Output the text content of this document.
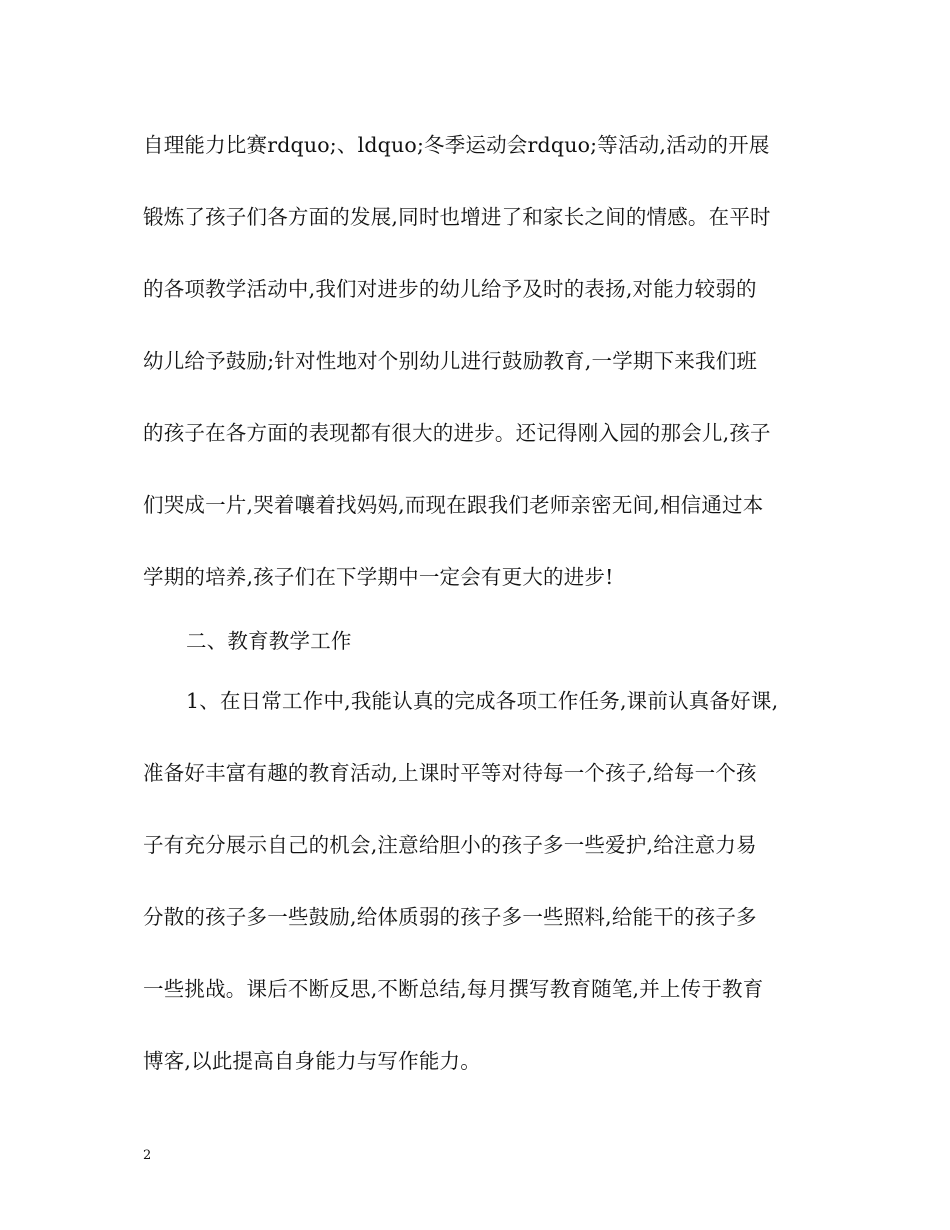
自理能力比赛rdquo;、ldquo;冬季运动会rdquo;等活动,活动的开展
锻炼了孩子们各方面的发展,同时也增进了和家长之间的情感。在平时
的各项教学活动中,我们对进步的幼儿给予及时的表扬,对能力较弱的
幼儿给予鼓励;针对性地对个别幼儿进行鼓励教育,一学期下来我们班
的孩子在各方面的表现都有很大的进步。还记得刚入园的那会儿,孩子
们哭成一片,哭着嚷着找妈妈,而现在跟我们老师亲密无间,相信通过本
学期的培养,孩子们在下学期中一定会有更大的进步!
二、教育教学工作
1、在日常工作中,我能认真的完成各项工作任务,课前认真备好课,
准备好丰富有趣的教育活动,上课时平等对待每一个孩子,给每一个孩
子有充分展示自己的机会,注意给胆小的孩子多一些爱护,给注意力易
分散的孩子多一些鼓励,给体质弱的孩子多一些照料,给能干的孩子多
一些挑战。课后不断反思,不断总结,每月撰写教育随笔,并上传于教育
博客,以此提高自身能力与写作能力。
2
